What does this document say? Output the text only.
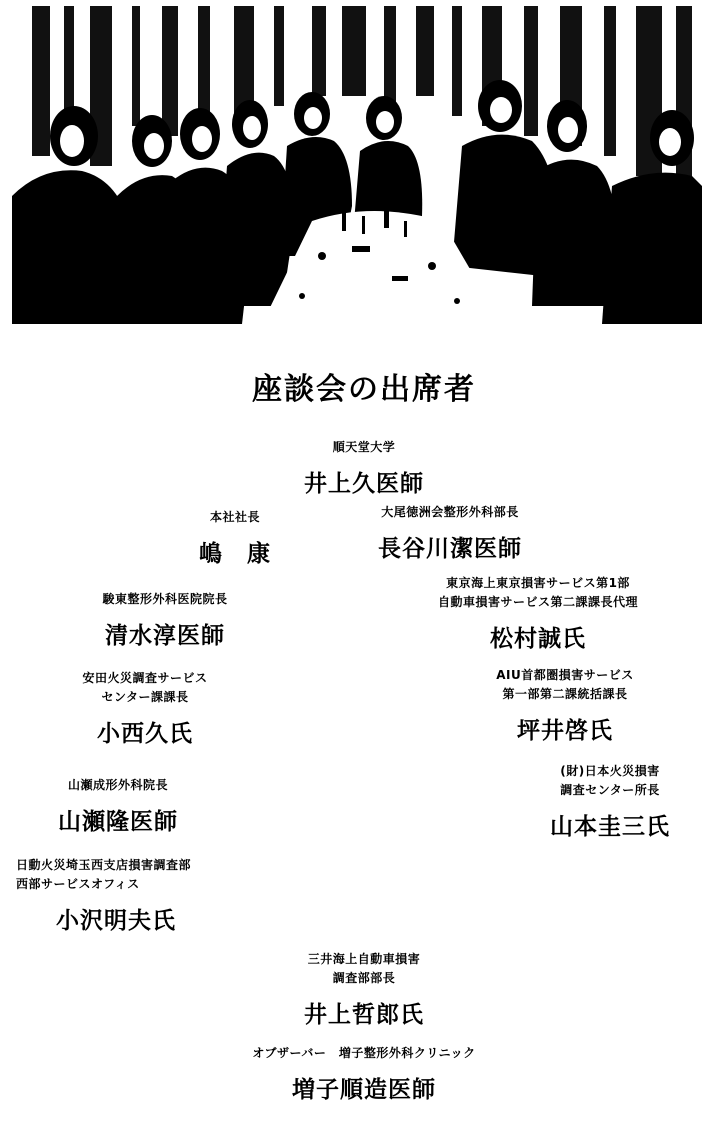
座談会の出席者
順天堂大学
井上久医師
本社社長
嶋　康
大尾徳洲会整形外科部長
長谷川潔医師
東京海上東京損害サービス第1部
自動車損害サービス第二課課長代理
松村誠氏
駿東整形外科医院院長
清水淳医師
安田火災調査サービス
センター課課長
小西久氏
AIU首都圏損害サービス
第一部第二課統括課長
坪井啓氏
山瀬成形外科院長
山瀬隆医師
(財)日本火災損害
調査センター所長
山本圭三氏
日動火災埼玉西支店損害調査部
西部サービスオフィス
小沢明夫氏
三井海上自動車損害
調査部部長
井上哲郎氏
オブザーバー　増子整形外科クリニック
増子順造医師
